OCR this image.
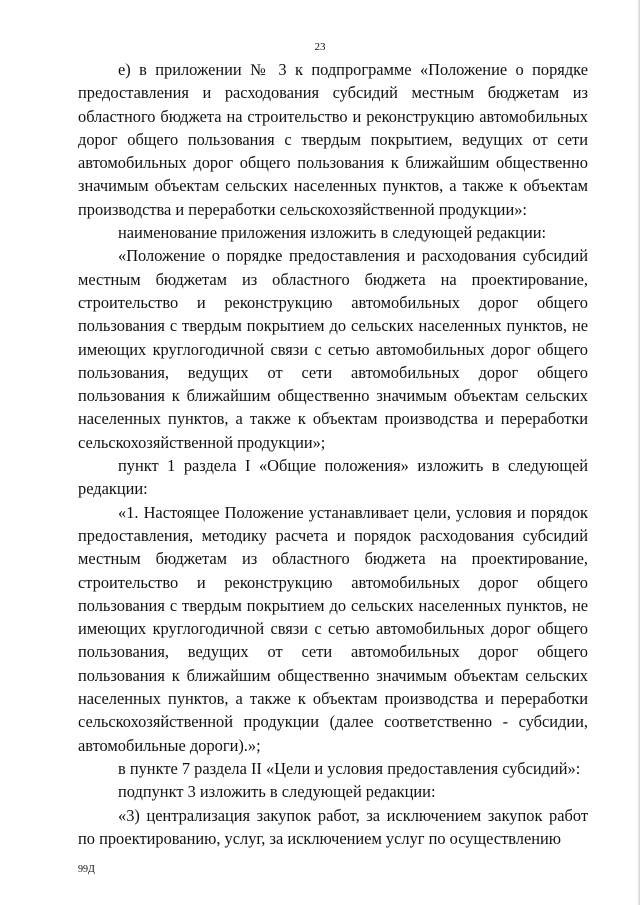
23

е) в приложении № 3 к подпрограмме «Положение о порядке предоставления и расходования субсидий местным бюджетам из областного бюджета на строительство и реконструкцию автомобильных дорог общего пользования с твердым покрытием, ведущих от сети автомобильных дорог общего пользования к ближайшим общественно значимым объектам сельских населенных пунктов, а также к объектам производства и переработки сельскохозяйственной продукции»:

наименование приложения изложить в следующей редакции:

«Положение о порядке предоставления и расходования субсидий местным бюджетам из областного бюджета на проектирование, строительство и реконструкцию автомобильных дорог общего пользования с твердым покрытием до сельских населенных пунктов, не имеющих круглогодичной связи с сетью автомобильных дорог общего пользования, ведущих от сети автомобильных дорог общего пользования к ближайшим общественно значимым объектам сельских населенных пунктов, а также к объектам производства и переработки сельскохозяйственной продукции»;

пункт 1 раздела I «Общие положения» изложить в следующей редакции:

«1. Настоящее Положение устанавливает цели, условия и порядок предоставления, методику расчета и порядок расходования субсидий местным бюджетам из областного бюджета на проектирование, строительство и реконструкцию автомобильных дорог общего пользования с твердым покрытием до сельских населенных пунктов, не имеющих круглогодичной связи с сетью автомобильных дорог общего пользования, ведущих от сети автомобильных дорог общего пользования к ближайшим общественно значимым объектам сельских населенных пунктов, а также к объектам производства и переработки сельскохозяйственной продукции (далее соответственно - субсидии, автомобильные дороги).»;

в пункте 7 раздела II «Цели и условия предоставления субсидий»:

подпункт 3 изложить в следующей редакции:

«3) централизация закупок работ, за исключением закупок работ по проектированию, услуг, за исключением услуг по осуществлению

99Д
